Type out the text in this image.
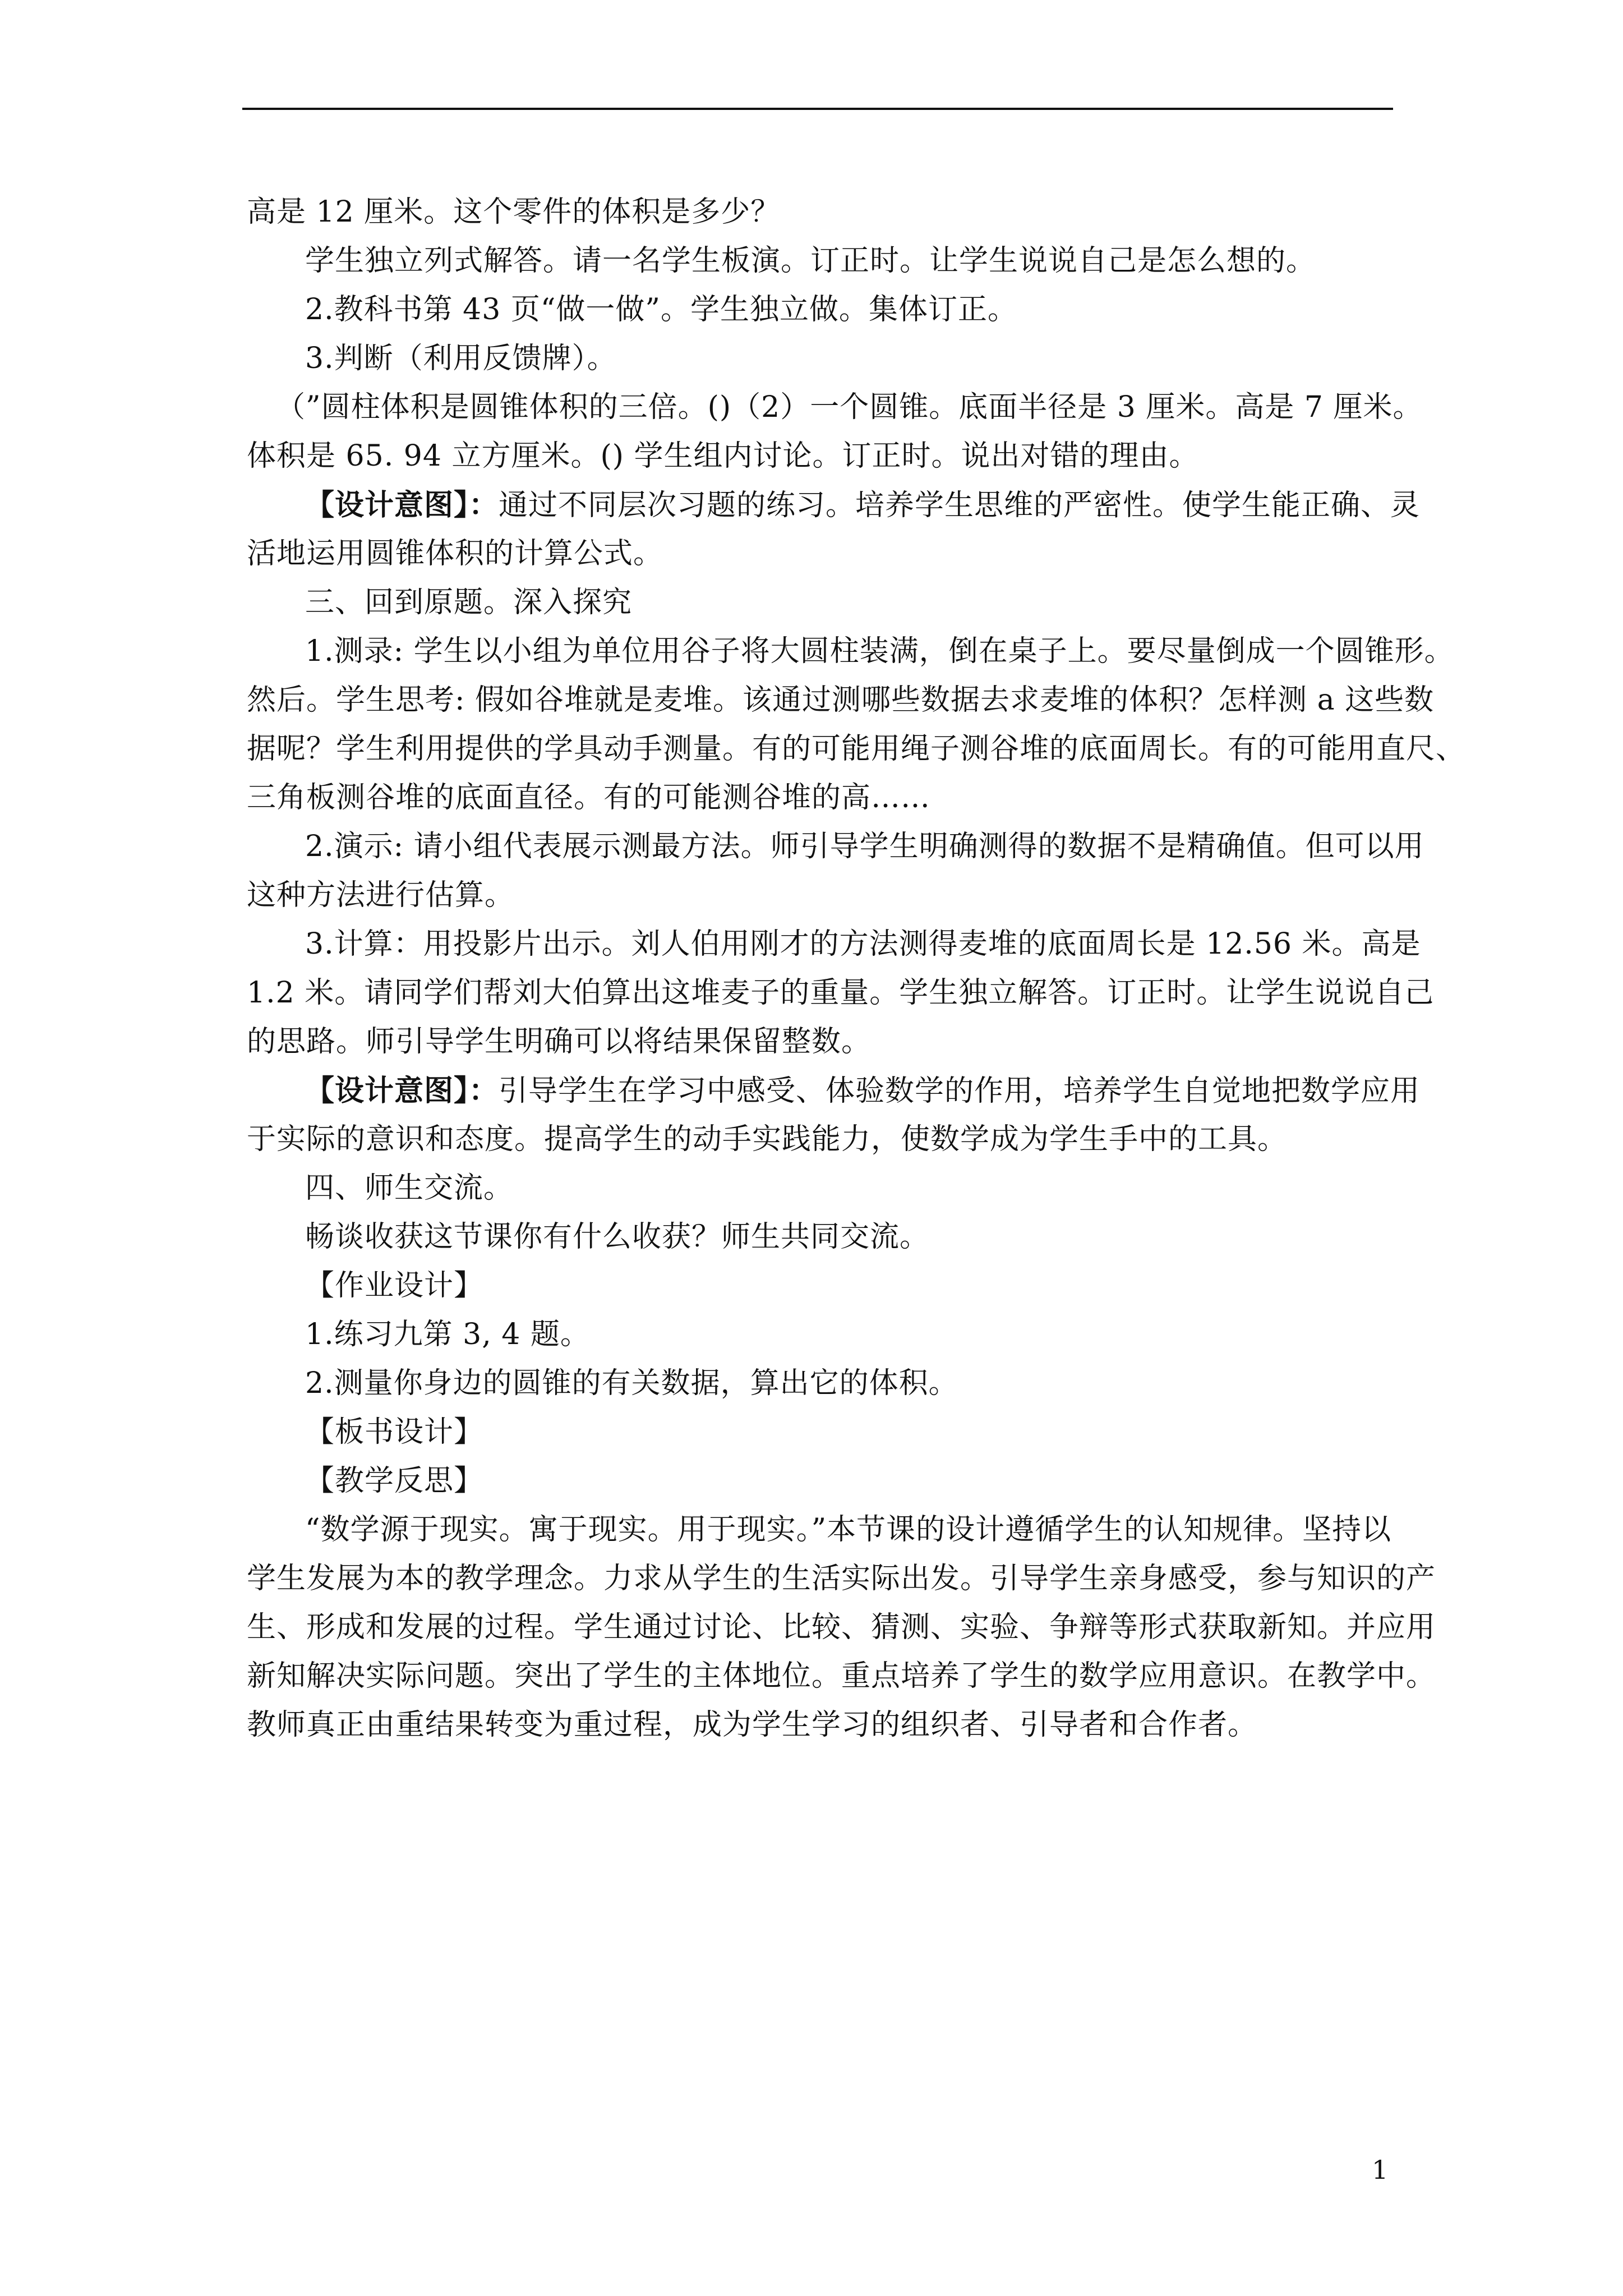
高是 12 厘米。这个零件的体积是多少？
学生独立列式解答。请一名学生板演。订正时。让学生说说自己是怎么想的。
2.教科书第 43 页“做一做”。学生独立做。集体订正。
3.判断（利用反馈牌）。
（”圆柱体积是圆锥体积的三倍。()（2）一个圆锥。底面半径是 3 厘米。高是 7 厘米。
体积是 65. 94 立方厘米。() 学生组内讨论。订正时。说出对错的理由。
【设计意图】：通过不同层次习题的练习。培养学生思维的严密性。使学生能正确、灵
活地运用圆锥体积的计算公式。
三、回到原题。深入探究
1.测录: 学生以小组为单位用谷子将大圆柱装满，倒在桌子上。要尽量倒成一个圆锥形。
然后。学生思考: 假如谷堆就是麦堆。该通过测哪些数据去求麦堆的体积？怎样测 a 这些数
据呢？学生利用提供的学具动手测量。有的可能用绳子测谷堆的底面周长。有的可能用直尺、
三角板测谷堆的底面直径。有的可能测谷堆的高……
2.演示: 请小组代表展示测最方法。师引导学生明确测得的数据不是精确值。但可以用
这种方法进行估算。
3.计算：用投影片出示。刘人伯用刚才的方法测得麦堆的底面周长是 12.56 米。高是
1.2 米。请同学们帮刘大伯算出这堆麦子的重量。学生独立解答。订正时。让学生说说自己
的思路。师引导学生明确可以将结果保留整数。
【设计意图】：引导学生在学习中感受、体验数学的作用，培养学生自觉地把数学应用
于实际的意识和态度。提高学生的动手实践能力，使数学成为学生手中的工具。
四、师生交流。
畅谈收获这节课你有什么收获？师生共同交流。
【作业设计】
1.练习九第 3, 4 题。
2.测量你身边的圆锥的有关数据，算出它的体积。
【板书设计】
【教学反思】
“数学源于现实。寓于现实。用于现实。”本节课的设计遵循学生的认知规律。坚持以
学生发展为本的教学理念。力求从学生的生活实际出发。引导学生亲身感受，参与知识的产
生、形成和发展的过程。学生通过讨论、比较、猜测、实验、争辩等形式获取新知。并应用
新知解决实际问题。突出了学生的主体地位。重点培养了学生的数学应用意识。在教学中。
教师真正由重结果转变为重过程，成为学生学习的组织者、引导者和合作者。
1
